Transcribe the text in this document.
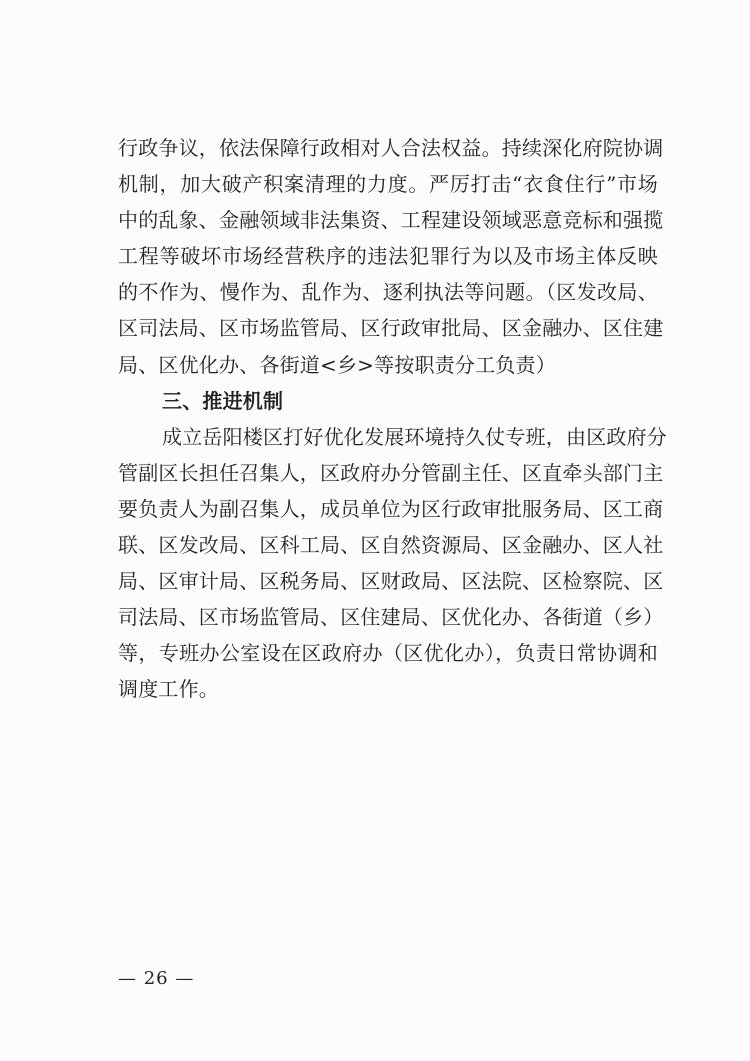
行政争议，依法保障行政相对人合法权益。持续深化府院协调
机制，加大破产积案清理的力度。严厉打击“衣食住行”市场
中的乱象、金融领域非法集资、工程建设领域恶意竞标和强揽
工程等破坏市场经营秩序的违法犯罪行为以及市场主体反映
的不作为、慢作为、乱作为、逐利执法等问题。（区发改局、
区司法局、区市场监管局、区行政审批局、区金融办、区住建
局、区优化办、各街道<乡>等按职责分工负责）
三、推进机制
成立岳阳楼区打好优化发展环境持久仗专班，由区政府分
管副区长担任召集人，区政府办分管副主任、区直牵头部门主
要负责人为副召集人，成员单位为区行政审批服务局、区工商
联、区发改局、区科工局、区自然资源局、区金融办、区人社
局、区审计局、区税务局、区财政局、区法院、区检察院、区
司法局、区市场监管局、区住建局、区优化办、各街道（乡）
等，专班办公室设在区政府办（区优化办），负责日常协调和
调度工作。
— 26 —
